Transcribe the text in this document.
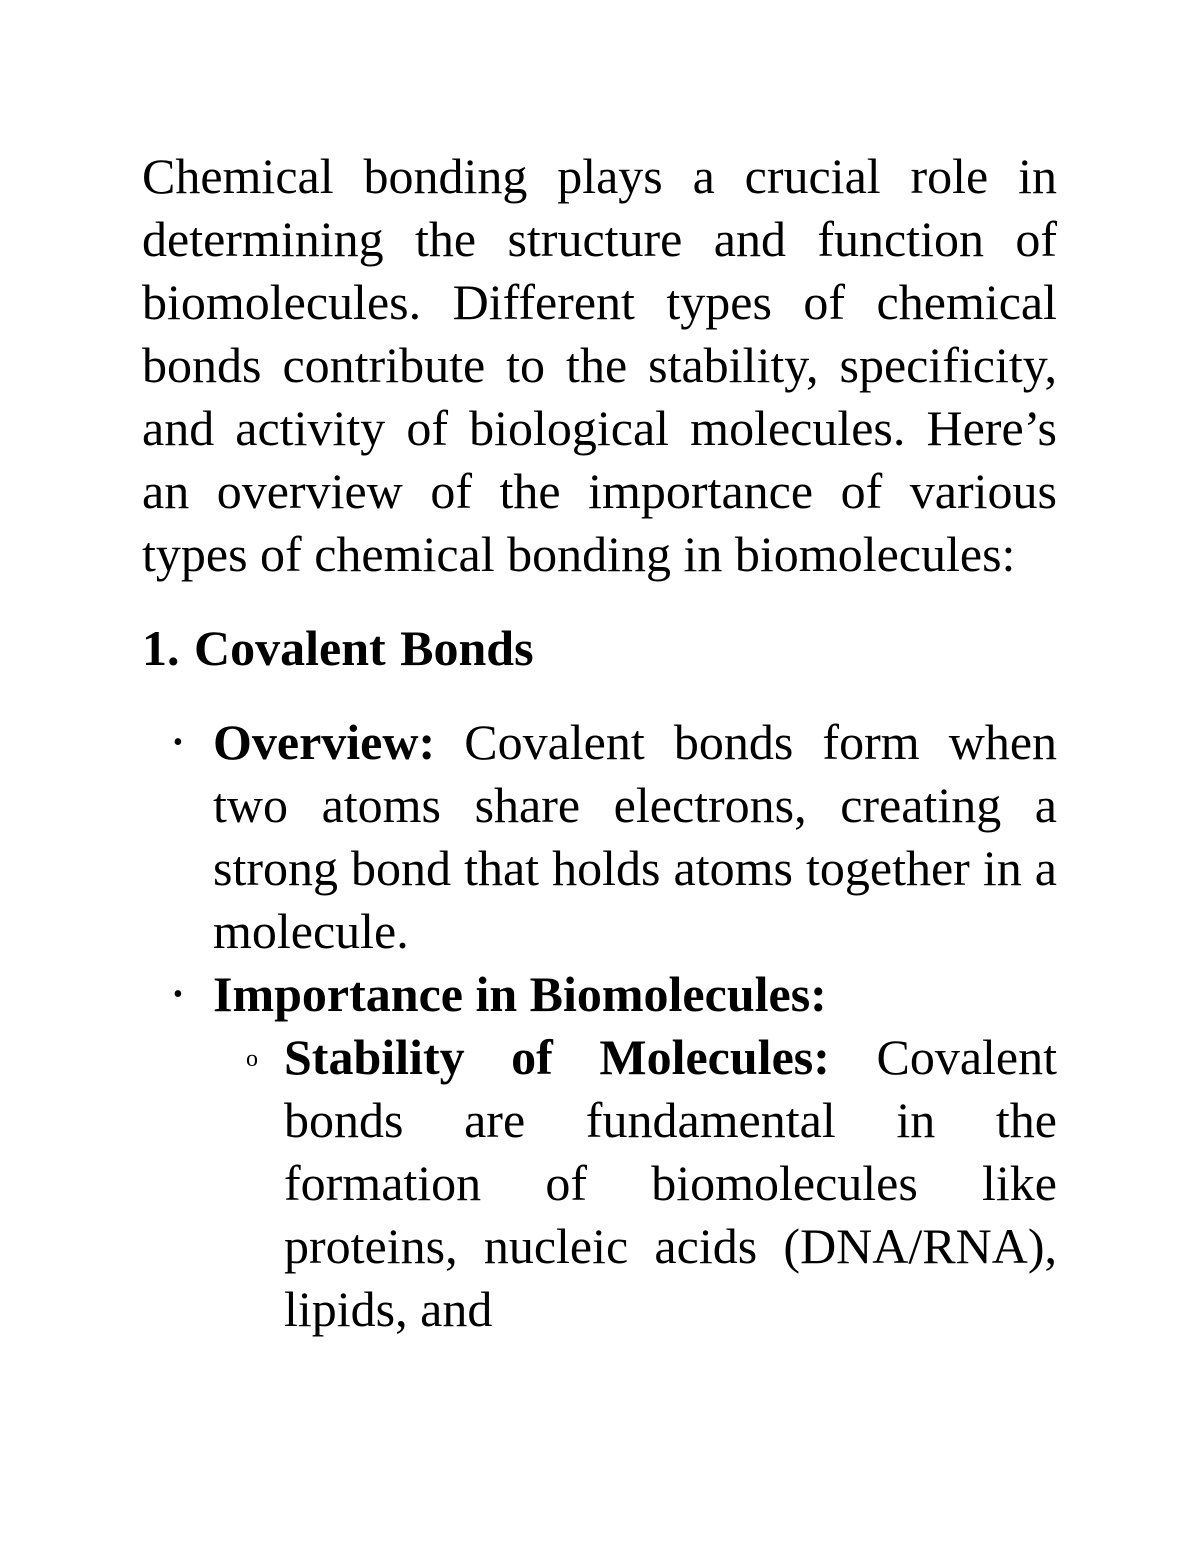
Chemical bonding plays a crucial role in determining the structure and function of biomolecules. Different types of chemical bonds contribute to the stability, specificity, and activity of biological molecules. Here’s an overview of the importance of various types of chemical bonding in biomolecules:

1. Covalent Bonds
• Overview: Covalent bonds form when two atoms share electrons, creating a strong bond that holds atoms together in a molecule.
• Importance in Biomolecules:
o Stability of Molecules: Covalent bonds are fundamental in the formation of biomolecules like proteins, nucleic acids (DNA/RNA), lipids, and
